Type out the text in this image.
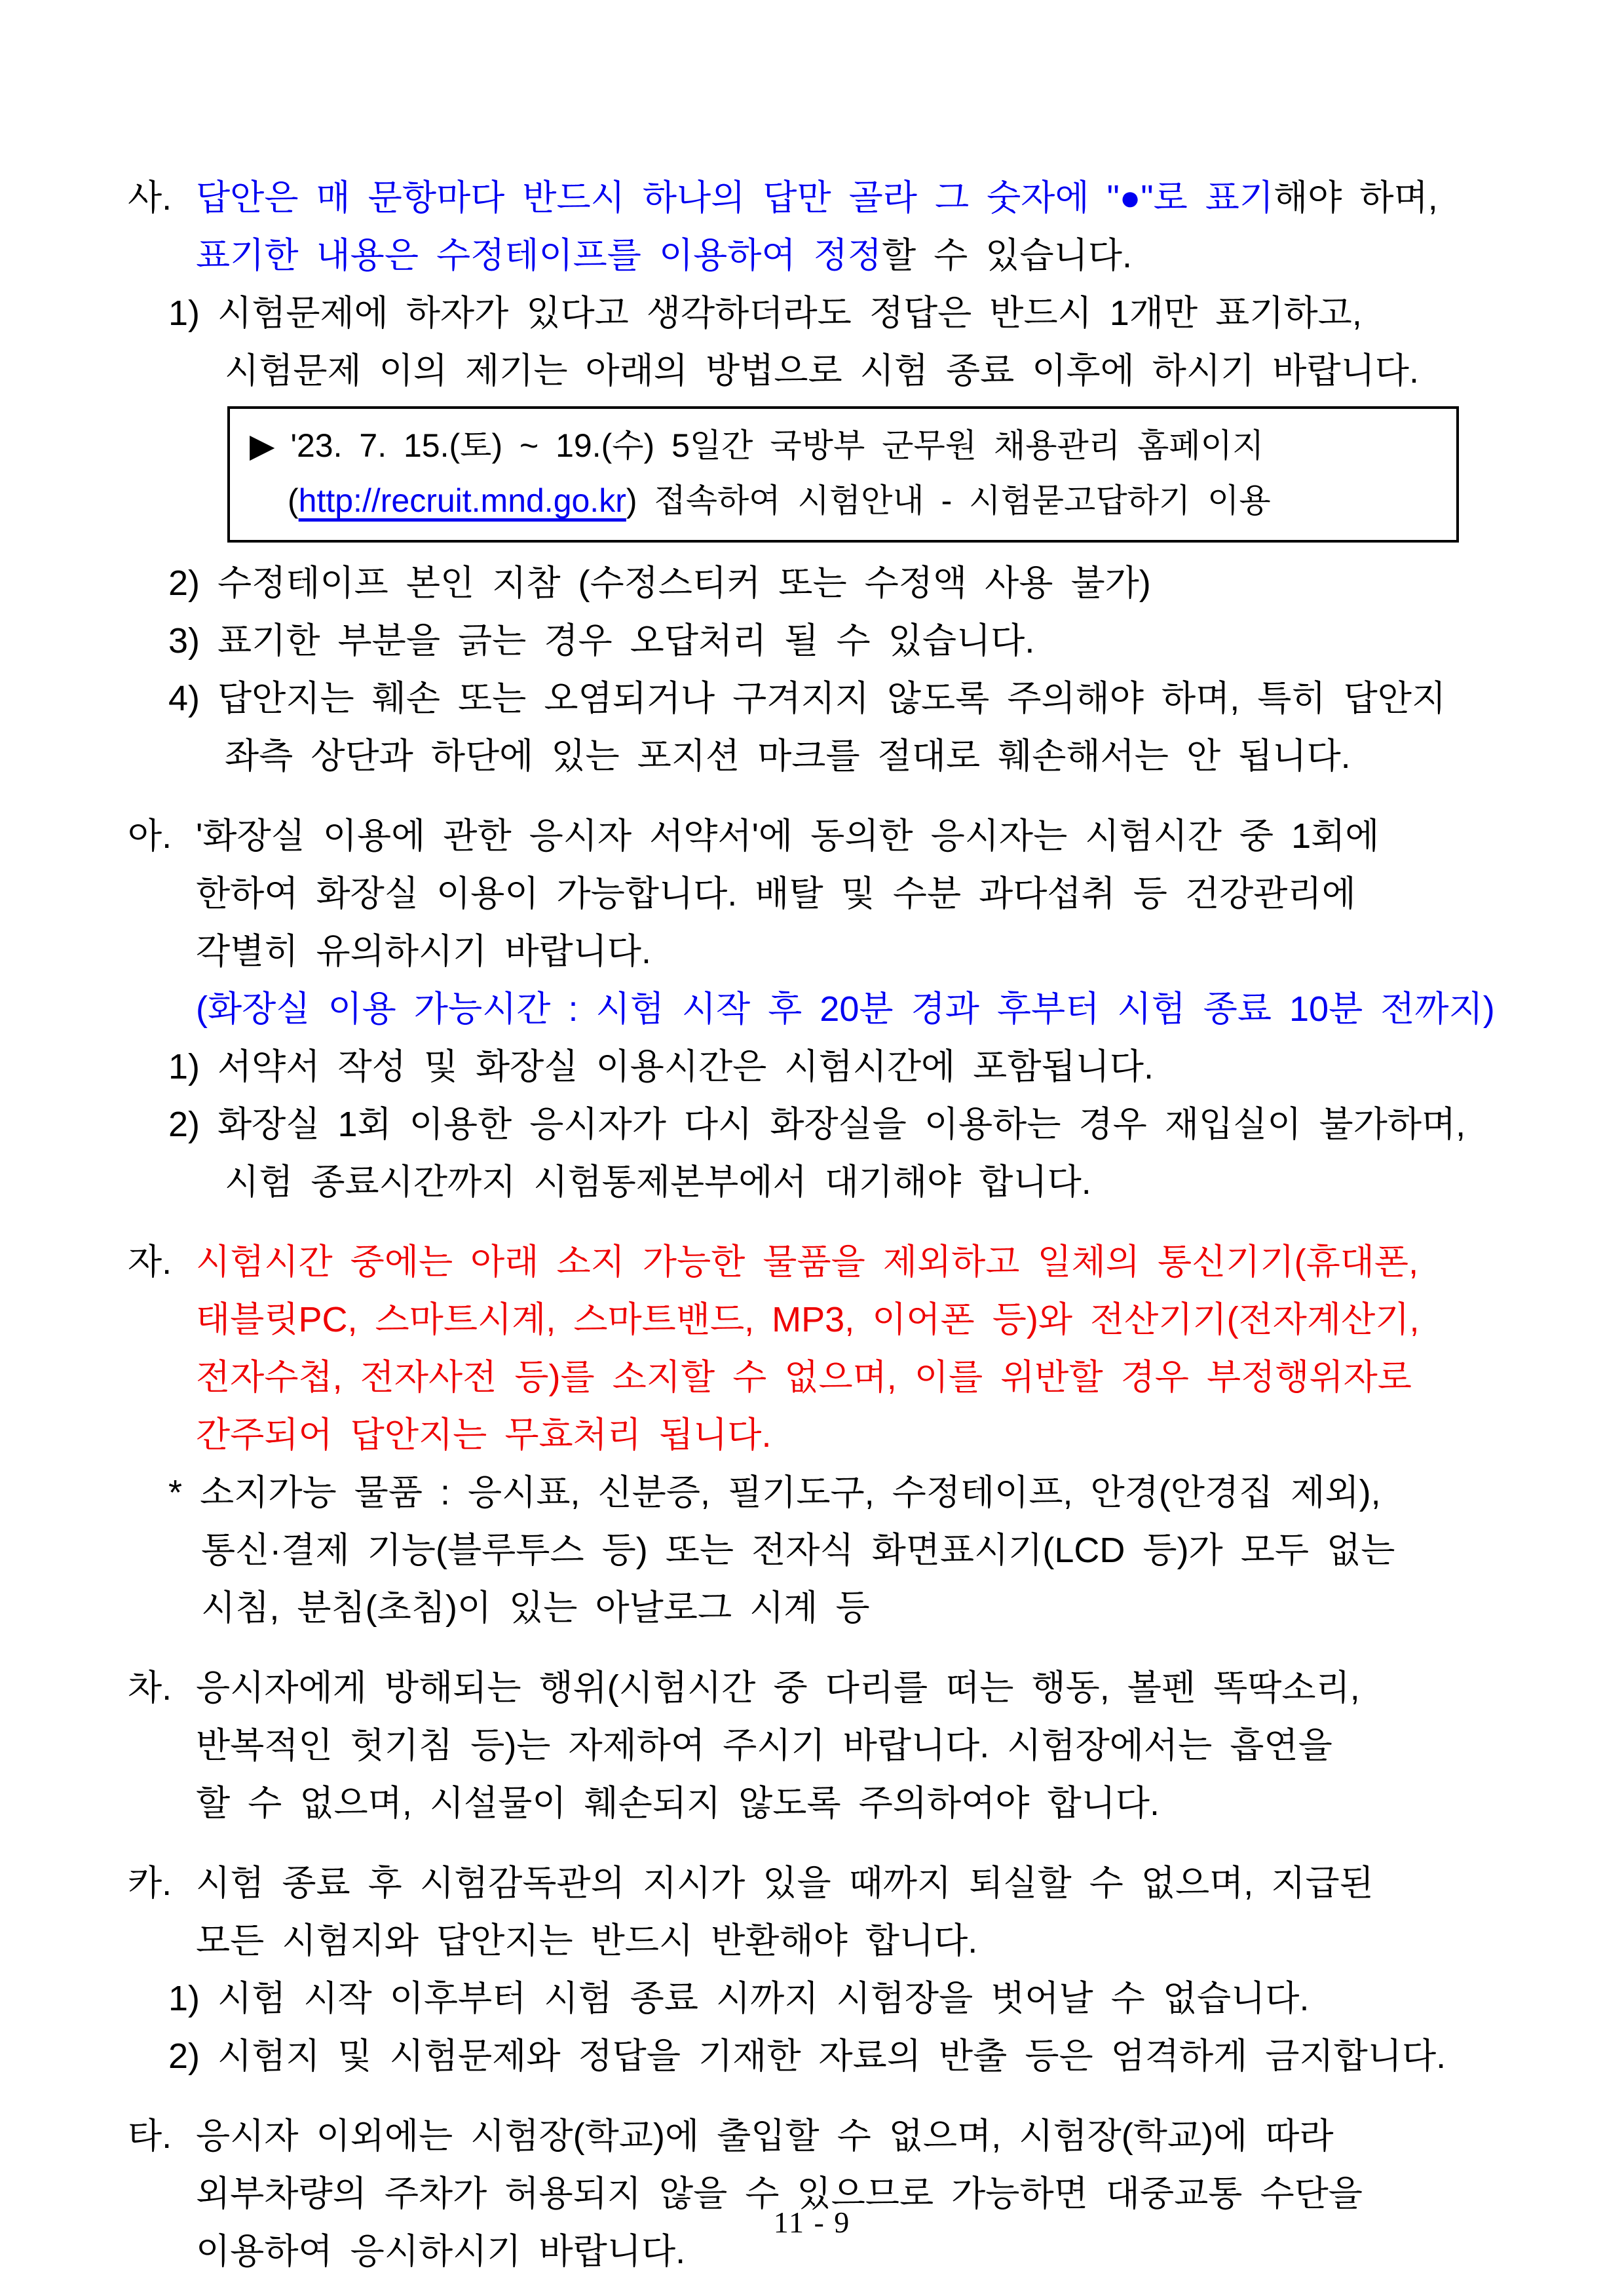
사. 답안은 매 문항마다 반드시 하나의 답만 골라 그 숫자에 "●"로 표기해야 하며,
표기한 내용은 수정테이프를 이용하여 정정할 수 있습니다.
1) 시험문제에 하자가 있다고 생각하더라도 정답은 반드시 1개만 표기하고,
시험문제 이의 제기는 아래의 방법으로 시험 종료 이후에 하시기 바랍니다.
▶ '23. 7. 15.(토) ~ 19.(수) 5일간 국방부 군무원 채용관리 홈페이지
(http://recruit.mnd.go.kr) 접속하여 시험안내 - 시험묻고답하기 이용
2) 수정테이프 본인 지참 (수정스티커 또는 수정액 사용 불가)
3) 표기한 부분을 긁는 경우 오답처리 될 수 있습니다.
4) 답안지는 훼손 또는 오염되거나 구겨지지 않도록 주의해야 하며, 특히 답안지
좌측 상단과 하단에 있는 포지션 마크를 절대로 훼손해서는 안 됩니다.
아. '화장실 이용에 관한 응시자 서약서'에 동의한 응시자는 시험시간 중 1회에
한하여 화장실 이용이 가능합니다. 배탈 및 수분 과다섭취 등 건강관리에
각별히 유의하시기 바랍니다.
(화장실 이용 가능시간 : 시험 시작 후 20분 경과 후부터 시험 종료 10분 전까지)
1) 서약서 작성 및 화장실 이용시간은 시험시간에 포함됩니다.
2) 화장실 1회 이용한 응시자가 다시 화장실을 이용하는 경우 재입실이 불가하며,
시험 종료시간까지 시험통제본부에서 대기해야 합니다.
자. 시험시간 중에는 아래 소지 가능한 물품을 제외하고 일체의 통신기기(휴대폰,
태블릿PC, 스마트시계, 스마트밴드, MP3, 이어폰 등)와 전산기기(전자계산기,
전자수첩, 전자사전 등)를 소지할 수 없으며, 이를 위반할 경우 부정행위자로
간주되어 답안지는 무효처리 됩니다.
* 소지가능 물품 : 응시표, 신분증, 필기도구, 수정테이프, 안경(안경집 제외),
통신·결제 기능(블루투스 등) 또는 전자식 화면표시기(LCD 등)가 모두 없는
시침, 분침(초침)이 있는 아날로그 시계 등
차. 응시자에게 방해되는 행위(시험시간 중 다리를 떠는 행동, 볼펜 똑딱소리,
반복적인 헛기침 등)는 자제하여 주시기 바랍니다. 시험장에서는 흡연을
할 수 없으며, 시설물이 훼손되지 않도록 주의하여야 합니다.
카. 시험 종료 후 시험감독관의 지시가 있을 때까지 퇴실할 수 없으며, 지급된
모든 시험지와 답안지는 반드시 반환해야 합니다.
1) 시험 시작 이후부터 시험 종료 시까지 시험장을 벗어날 수 없습니다.
2) 시험지 및 시험문제와 정답을 기재한 자료의 반출 등은 엄격하게 금지합니다.
타. 응시자 이외에는 시험장(학교)에 출입할 수 없으며, 시험장(학교)에 따라
외부차량의 주차가 허용되지 않을 수 있으므로 가능하면 대중교통 수단을
이용하여 응시하시기 바랍니다.
11 - 9
